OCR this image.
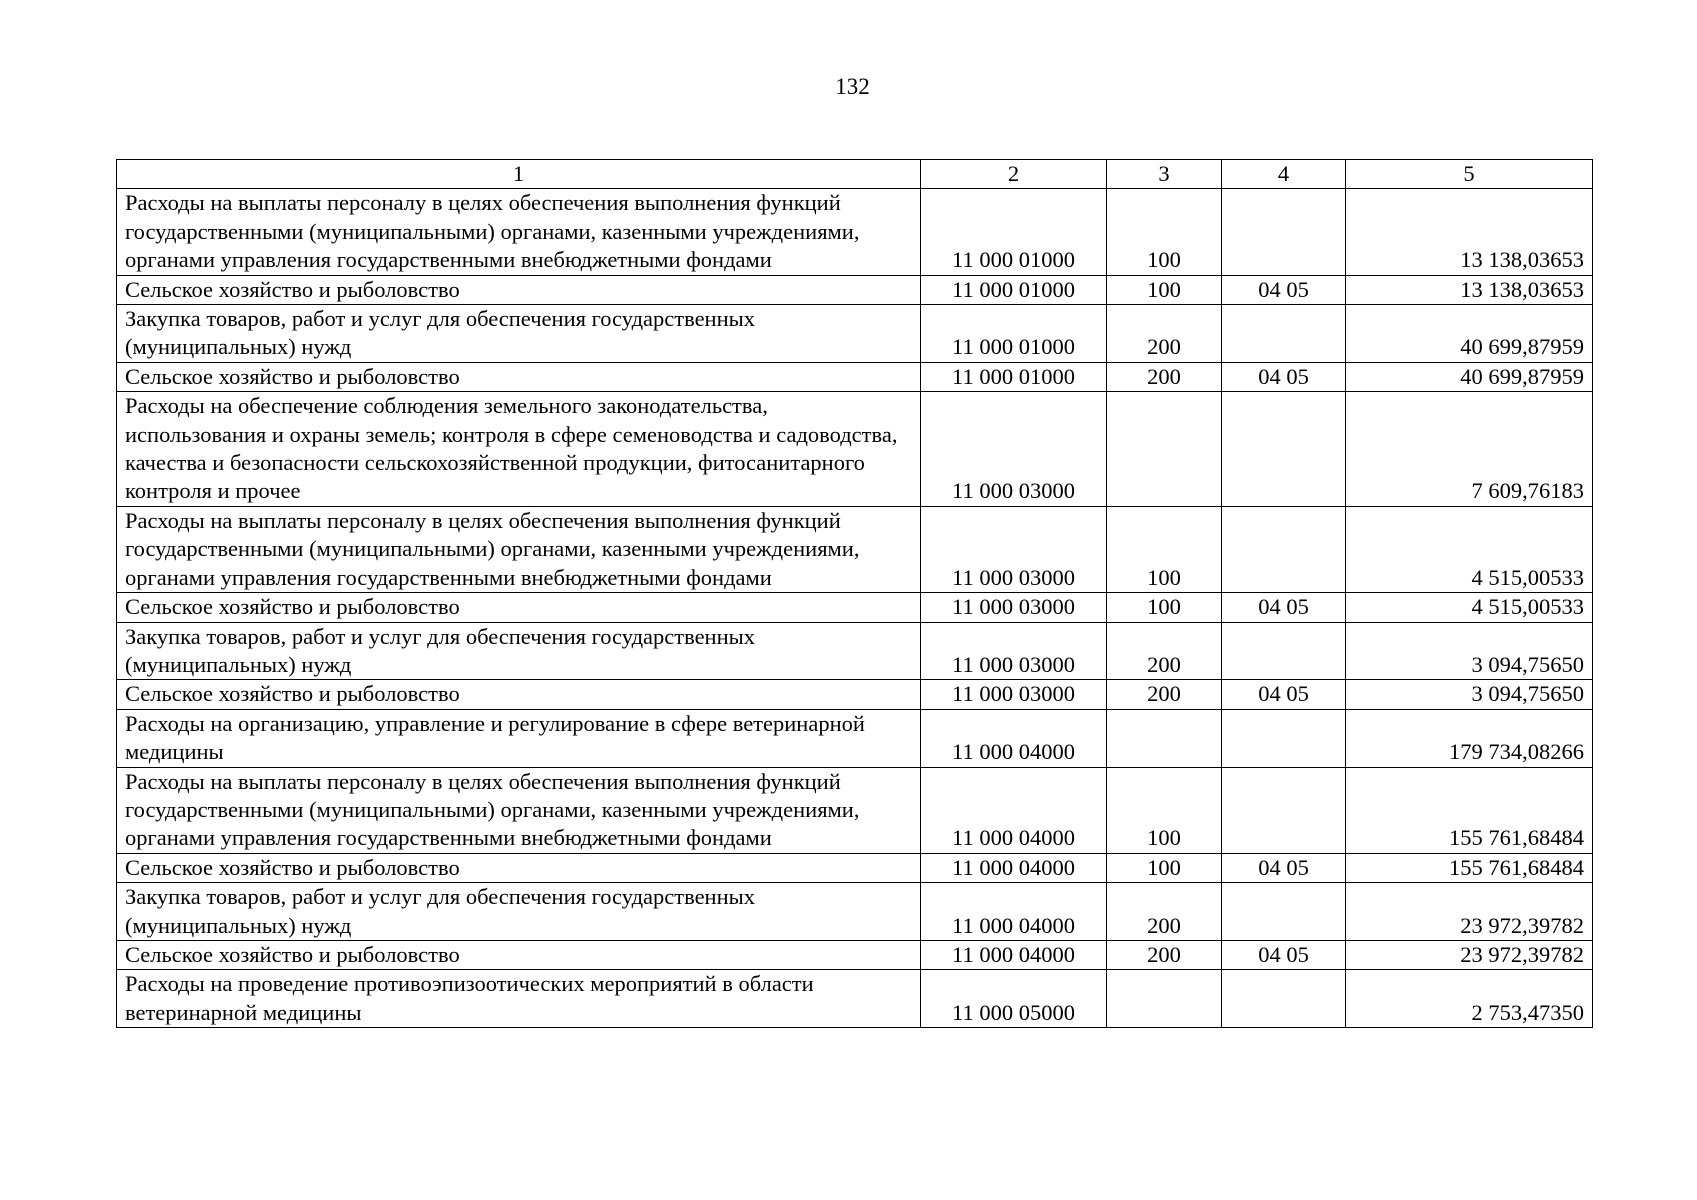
132
1	2	3	4	5
Расходы на выплаты персоналу в целях обеспечения выполнения функций государственными (муниципальными) органами, казенными учреждениями, органами управления государственными внебюджетными фондами	11 000 01000	100		13 138,03653
Сельское хозяйство и рыболовство	11 000 01000	100	04 05	13 138,03653
Закупка товаров, работ и услуг для обеспечения государственных (муниципальных) нужд	11 000 01000	200		40 699,87959
Сельское хозяйство и рыболовство	11 000 01000	200	04 05	40 699,87959
Расходы на обеспечение соблюдения земельного законодательства, использования и охраны земель; контроля в сфере семеноводства и садоводства, качества и безопасности сельскохозяйственной продукции, фитосанитарного контроля и прочее	11 000 03000			7 609,76183
Расходы на выплаты персоналу в целях обеспечения выполнения функций государственными (муниципальными) органами, казенными учреждениями, органами управления государственными внебюджетными фондами	11 000 03000	100		4 515,00533
Сельское хозяйство и рыболовство	11 000 03000	100	04 05	4 515,00533
Закупка товаров, работ и услуг для обеспечения государственных (муниципальных) нужд	11 000 03000	200		3 094,75650
Сельское хозяйство и рыболовство	11 000 03000	200	04 05	3 094,75650
Расходы на организацию, управление и регулирование в сфере ветеринарной медицины	11 000 04000			179 734,08266
Расходы на выплаты персоналу в целях обеспечения выполнения функций государственными (муниципальными) органами, казенными учреждениями, органами управления государственными внебюджетными фондами	11 000 04000	100		155 761,68484
Сельское хозяйство и рыболовство	11 000 04000	100	04 05	155 761,68484
Закупка товаров, работ и услуг для обеспечения государственных (муниципальных) нужд	11 000 04000	200		23 972,39782
Сельское хозяйство и рыболовство	11 000 04000	200	04 05	23 972,39782
Расходы на проведение противоэпизоотических мероприятий в области ветеринарной медицины	11 000 05000			2 753,47350
